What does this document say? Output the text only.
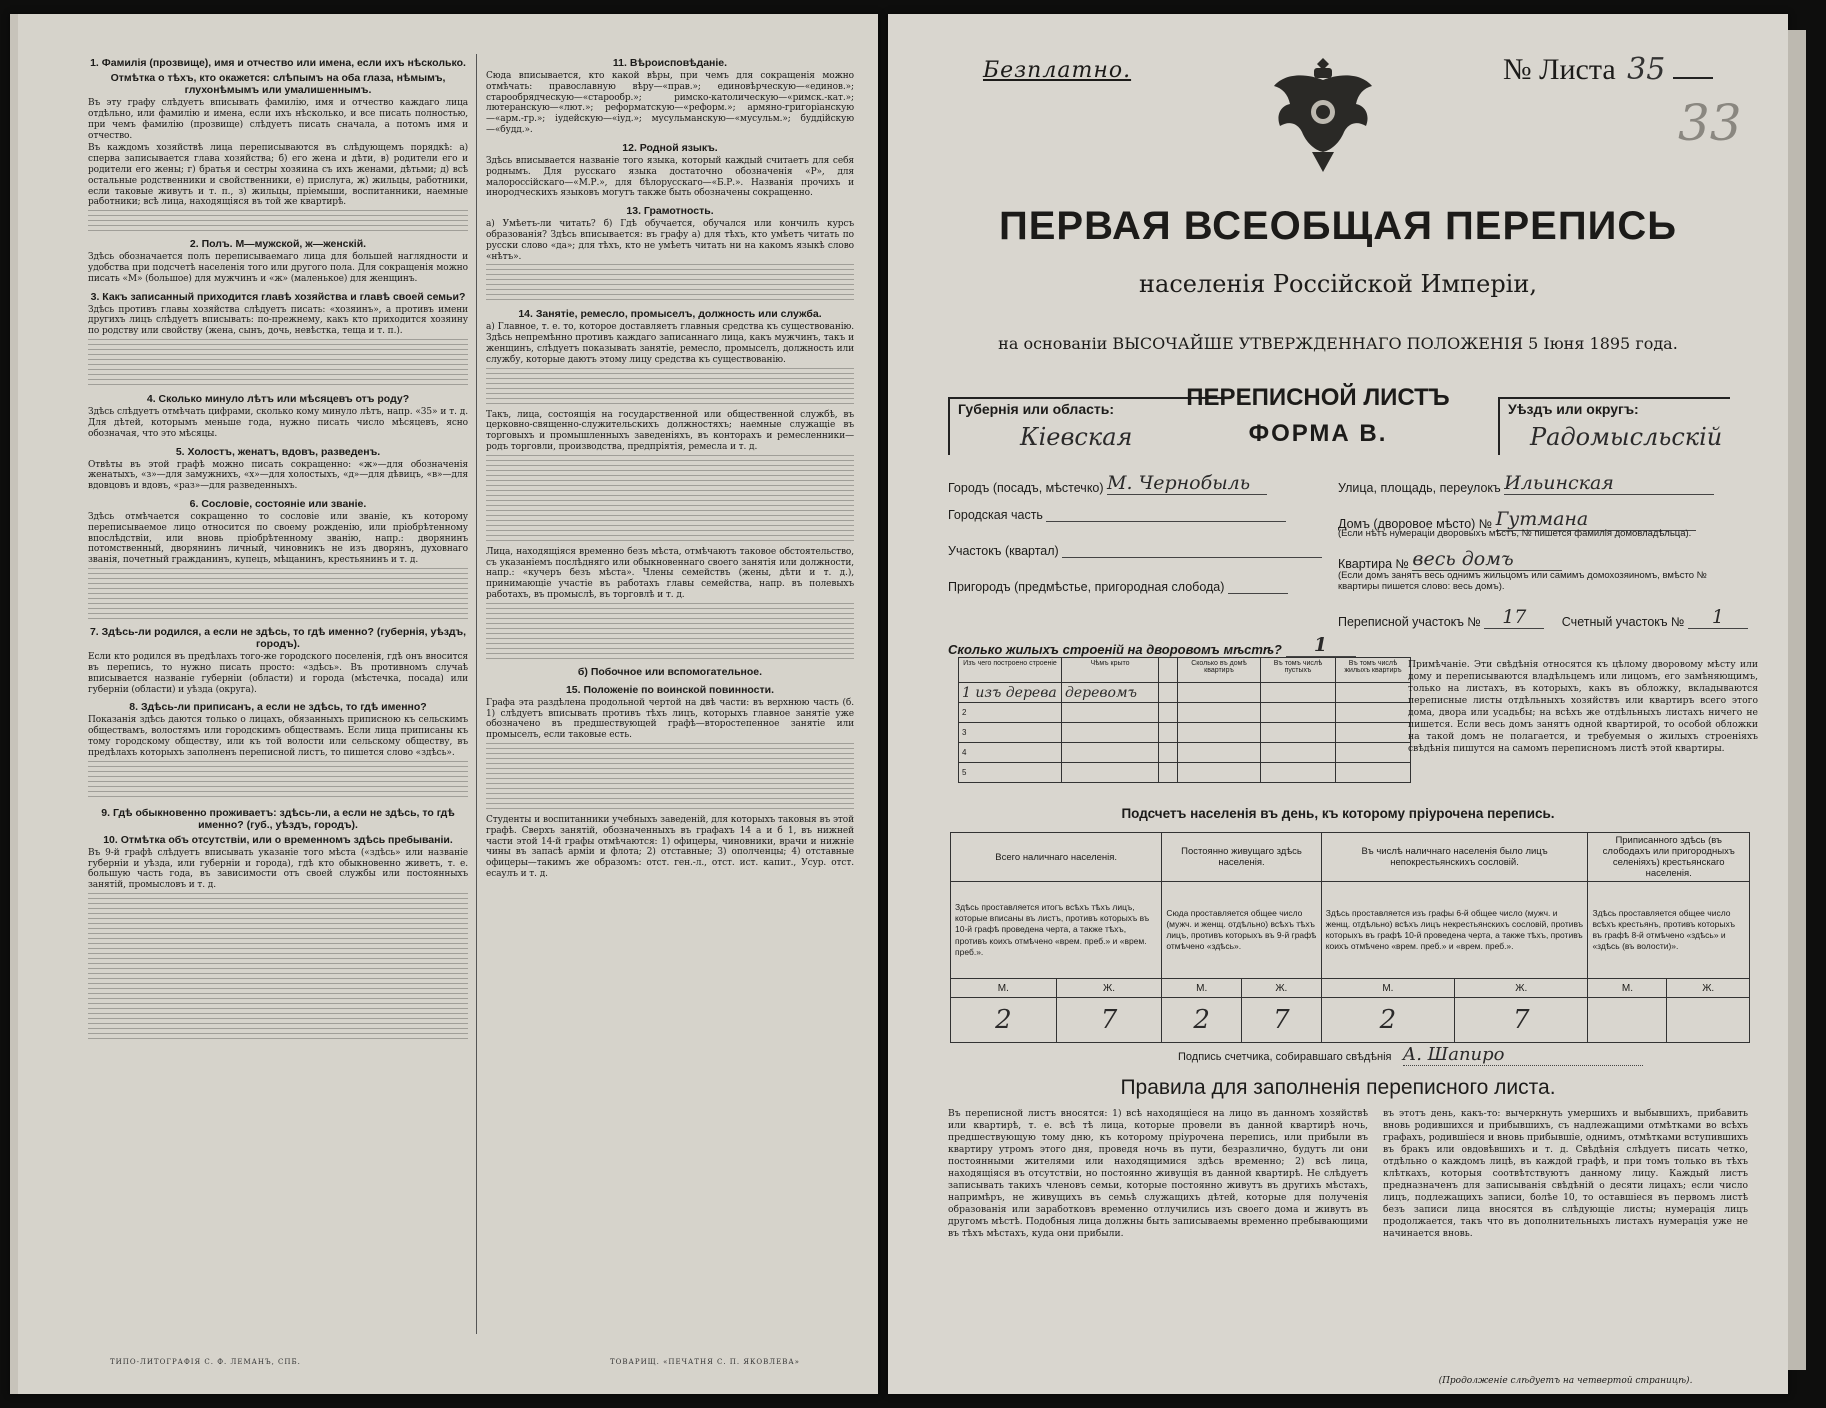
1. Фамилія (прозвище), имя и отчество или имена, если ихъ нѣсколько.
Отмѣтка о тѣхъ, кто окажется: слѣпымъ на оба глаза, нѣмымъ, глухонѣмымъ или умалишеннымъ.

Въ эту графу слѣдуетъ вписывать фамилію, имя и отчество каждаго лица отдѣльно, или фамилію и имена, если ихъ нѣсколько, и все писать полностью, при чемъ фамилію (прозвище) слѣдуетъ писать сначала, а потомъ имя и отчество.

Въ каждомъ хозяйствѣ лица переписываются въ слѣдующемъ порядкѣ: а) сперва записывается глава хозяйства; б) его жена и дѣти, в) родители его и родители его жены; г) братья и сестры хозяина съ ихъ женами, дѣтьми; д) всѣ остальные родственники и свойственники, е) прислуга, ж) жильцы, работники, если таковые живутъ и т. п., з) жильцы, пріемыши, воспитанники, наемные работники; всѣ лица, находящіяся въ той же квартирѣ.

2. Полъ. М—мужской, ж—женскій.

Здѣсь обозначается полъ переписываемаго лица для большей наглядности и удобства при подсчетѣ населенія того или другого пола. Для сокращенія можно писать «М» (большое) для мужчинъ и «ж» (маленькое) для женщинъ.

3. Какъ записанный приходится главѣ хозяйства и главѣ своей семьи?

Здѣсь противъ главы хозяйства слѣдуетъ писать: «хозяинъ», а противъ имени другихъ лицъ слѣдуетъ вписывать: по-прежнему, какъ кто приходится хозяину по родству или свойству (жена, сынъ, дочь, невѣстка, теща и т. п.).

4. Сколько минуло лѣтъ или мѣсяцевъ отъ роду?

Здѣсь слѣдуетъ отмѣчать цифрами, сколько кому минуло лѣтъ, напр. «35» и т. д. Для дѣтей, которымъ меньше года, нужно писать число мѣсяцевъ, ясно обозначая, что это мѣсяцы.

5. Холостъ, женатъ, вдовъ, разведенъ.

Отвѣты въ этой графѣ можно писать сокращенно: «ж»—для обозначенія женатыхъ, «з»—для замужнихъ, «х»—для холостыхъ, «д»—для дѣвицъ, «в»—для вдовцовъ и вдовъ, «раз»—для разведенныхъ.

6. Сословіе, состояніе или званіе.

Здѣсь отмѣчается сокращенно то сословіе или званіе, къ которому переписываемое лицо относится по своему рожденію, или пріобрѣтенному впослѣдствіи, или вновь пріобрѣтенному званію, напр.: дворянинъ потомственный, дворянинъ личный, чиновникъ не изъ дворянъ, духовнаго званія, почетный гражданинъ, купецъ, мѣщанинъ, крестьянинъ и т. д.

7. Здѣсь-ли родился, а если не здѣсь, то гдѣ именно? (губернія, уѣздъ, городъ).

Если кто родился въ предѣлахъ того-же городского поселенія, гдѣ онъ вносится въ перепись, то нужно писать просто: «здѣсь». Въ противномъ случаѣ вписывается названіе губерніи (области) и города (мѣстечка, посада) или губерніи (области) и уѣзда (округа).

8. Здѣсь-ли приписанъ, а если не здѣсь, то гдѣ именно?

Показанія здѣсь даются только о лицахъ, обязанныхъ приписною къ сельскимъ обществамъ, волостямъ или городскимъ обществамъ. Если лица приписаны къ тому городскому обществу, или къ той волости или сельскому обществу, въ предѣлахъ которыхъ заполненъ переписной листъ, то пишется слово «здѣсь».

9. Гдѣ обыкновенно проживаетъ: здѣсь-ли, а если не здѣсь, то гдѣ именно? (губ., уѣздъ, городъ).
10. Отмѣтка объ отсутствіи, или о временномъ здѣсь пребываніи.

Въ 9-й графѣ слѣдуетъ вписывать указаніе того мѣста («здѣсь» или названіе губерніи и уѣзда, или губерніи и города), гдѣ кто обыкновенно живетъ, т. е. большую часть года, въ зависимости отъ своей службы или постоянныхъ занятій, промысловъ и т. д.

11. Вѣроисповѣданіе.

Сюда вписывается, кто какой вѣры, при чемъ для сокращенія можно отмѣчать: православную вѣру—«прав.»; единовѣрческую—«единов.»; старообрядческую—«старообр.»; римско-католическую—«римск.-кат.»; лютеранскую—«лют.»; реформатскую—«реформ.»; армяно-григоріанскую—«арм.-гр.»; іудейскую—«іуд.»; мусульманскую—«мусульм.»; буддійскую—«будд.».

12. Родной языкъ.

Здѣсь вписывается названіе того языка, который каждый считаетъ для себя роднымъ. Для русскаго языка достаточно обозначенія «Р», для малороссійскаго—«М.Р.», для бѣлорусскаго—«Б.Р.». Названія прочихъ и инородческихъ языковъ могутъ также быть обозначены сокращенно.

13. Грамотность.

а) Умѣетъ-ли читать? б) Гдѣ обучается, обучался или кончилъ курсъ образованія? Здѣсь вписывается: въ графу а) для тѣхъ, кто умѣетъ читать по русски слово «да»; для тѣхъ, кто не умѣетъ читать ни на какомъ языкѣ слово «нѣтъ».

14. Занятіе, ремесло, промыселъ, должность или служба.

а) Главное, т. е. то, которое доставляетъ главныя средства къ существованію. Здѣсь непремѣнно противъ каждаго записаннаго лица, какъ мужчинъ, такъ и женщинъ, слѣдуетъ показывать занятіе, ремесло, промыселъ, должность или службу, которые даютъ этому лицу средства къ существованію.

Такъ, лица, состоящія на государственной или общественной службѣ, въ церковно-священно-служительскихъ должностяхъ; наемные служащіе въ торговыхъ и промышленныхъ заведеніяхъ, въ конторахъ и ремесленники—родъ торговли, производства, предпріятія, ремесла и т. д.

Лица, находящіяся временно безъ мѣста, отмѣчаютъ таковое обстоятельство, съ указаніемъ послѣдняго или обыкновеннаго своего занятія или должности, напр.: «кучеръ безъ мѣста». Члены семействъ (жены, дѣти и т. д.), принимающіе участіе въ работахъ главы семейства, напр. въ полевыхъ работахъ, въ промыслѣ, въ торговлѣ и т. д.

б) Побочное или вспомогательное.
15. Положеніе по воинской повинности.

Графа эта раздѣлена продольной чертой на двѣ части: въ верхнюю часть (б. 1) слѣдуетъ вписывать противъ тѣхъ лицъ, которыхъ главное занятіе уже обозначено въ предшествующей графѣ—второстепенное занятіе или промыселъ, если таковые есть.

Студенты и воспитанники учебныхъ заведеній, для которыхъ таковыя въ этой графѣ. Сверхъ занятій, обозначенныхъ въ графахъ 14 а и б 1, въ нижней части этой 14-й графы отмѣчаются: 1) офицеры, чиновники, врачи и нижніе чины въ запасѣ арміи и флота; 2) отставные; 3) ополченцы; 4) отставные офицеры—такимъ же образомъ: отст. ген.-л., отст. ист. капит., Усур. отст. есаулъ и т. д.

ТИПО-ЛИТОГРАФІЯ С. Ф. ЛЕМАНЪ, СПБ.	ТОВАРИЩ. «ПЕЧАТНЯ С. П. ЯКОВЛЕВА»
Безплатно.	№ Листа 35
33
ПЕРВАЯ ВСЕОБЩАЯ ПЕРЕПИСЬ
населенія Россійской Имперіи,
на основаніи ВЫСОЧАЙШЕ УТВЕРЖДЕННАГО ПОЛОЖЕНІЯ 5 Іюня 1895 года.
Губернія или область:
Кіевская
ПЕРЕПИСНОЙ ЛИСТЪ
ФОРМА В.
Уѣздъ или округъ:
Радомысльскій
Городъ (посадъ, мѣстечко) М. Чернобыль
Городская часть
Участокъ (квартал)
Пригородъ (предмѣстье, пригородная слобода)
Улица, площадь, переулокъ Ильинская
Домъ (дворовое мѣсто) № Гутмана
(Если нѣтъ нумераціи дворовыхъ мѣстъ, № пишется фамилія домовладѣльца).
Квартира № весь домъ
(Если домъ занятъ весь однимъ жильцомъ или самимъ домохозяиномъ, вмѣсто № квартиры пишется слово: весь домъ).
Переписной участокъ № 17	Счетный участокъ № 1
Сколько жилыхъ строеній на дворовомъ мѣстѣ? 1
Изъ чего построено строеніе	Чѣмъ крыто		Сколько въ домѣ квартиръ	Въ томъ числѣ пустыхъ	Въ томъ числѣ жилыхъ квартиръ
1 изъ дерева	деревомъ				
2					
3					
4					
5					
Примѣчаніе. Эти свѣдѣнія относятся къ цѣлому дворовому мѣсту или дому и переписываются владѣльцемъ или лицомъ, его замѣняющимъ, только на листахъ, въ которыхъ, какъ въ обложку, вкладываются переписные листы отдѣльныхъ хозяйствъ или квартиръ всего этого дома, двора или усадьбы; на всѣхъ же отдѣльныхъ листахъ ничего не пишется. Если весь домъ занятъ одной квартирой, то особой обложки на такой домъ не полагается, и требуемыя о жилыхъ строеніяхъ свѣдѣнія пишутся на самомъ переписномъ листѣ этой квартиры.
Подсчетъ населенія въ день, къ которому пріурочена перепись.
Всего наличнаго населенія.		Постоянно живущаго здѣсь населенія.		Въ числѣ наличнаго населенія было лицъ непокрестьянскихъ сословій.		Приписанного здѣсь (въ слободахъ или пригородныхъ селеніяхъ) крестьянскаго населенія.	
Здѣсь проставляется итогъ всѣхъ тѣхъ лицъ, которые вписаны въ листъ, противъ которыхъ въ 10-й графѣ проведена черта, а также тѣхъ, противъ коихъ отмѣчено «врем. преб.» и «врем. преб.».		Сюда проставляется общее число (мужч. и женщ. отдѣльно) всѣхъ тѣхъ лицъ, противъ которыхъ въ 9-й графѣ отмѣчено «здѣсь».		Здѣсь проставляется изъ графы 6-й общее число (мужч. и женщ. отдѣльно) всѣхъ лицъ некрестьянскихъ сословій, противъ которыхъ въ графѣ 10-й проведена черта, а также тѣхъ, противъ коихъ отмѣчено «врем. преб.» и «врем. преб.».		Здѣсь проставляется общее число всѣхъ крестьянъ, противъ которыхъ въ графѣ 8-й отмѣчено «здѣсь» и «здѣсь (въ волости)».	
М.	Ж.	М.	Ж.	М.	Ж.	М.	Ж.
2	7	2	7	2	7		
Подпись счетчика, собиравшаго свѣдѣнія А. Шапиро
Правила для заполненія переписного листа.
Въ переписной листъ вносятся: 1) всѣ находящіеся на лицо въ данномъ хозяйствѣ или квартирѣ, т. е. всѣ тѣ лица, которые провели въ данной квартирѣ ночь, предшествующую тому дню, къ которому пріурочена перепись, или прибыли въ квартиру утромъ этого дня, проведя ночь въ пути, безразлично, будутъ ли они постоянными жителями или находящимися здѣсь временно; 2) всѣ лица, находящіяся въ отсутствіи, но постоянно живущія въ данной квартирѣ. Не слѣдуетъ записывать такихъ членовъ семьи, которые постоянно живутъ въ другихъ мѣстахъ, напримѣръ, не живущихъ въ семьѣ служащихъ дѣтей, которые для полученія образованія или заработковъ временно отлучились изъ своего дома и живутъ въ другомъ мѣстѣ. Подобныя лица должны быть записываемы временно пребывающими въ тѣхъ мѣстахъ, куда они прибыли.
въ этотъ день, какъ-то: вычеркнуть умершихъ и выбывшихъ, прибавить вновь родившихся и прибывшихъ, съ надлежащими отмѣтками во всѣхъ графахъ, родившіеся и вновь прибывшіе, однимъ, отмѣтками вступившихъ въ бракъ или овдовѣвшихъ и т. д. Свѣдѣнія слѣдуетъ писать четко, отдѣльно о каждомъ лицѣ, въ каждой графѣ, и при томъ только въ тѣхъ клѣткахъ, которыя соотвѣтствуютъ данному лицу. Каждый листъ предназначенъ для записыванія свѣдѣній о десяти лицахъ; если число лицъ, подлежащихъ записи, болѣе 10, то оставшіеся въ первомъ листѣ безъ записи лица вносятся въ слѣдующіе листы; нумерація лицъ продолжается, такъ что въ дополнительныхъ листахъ нумерація уже не начинается вновь.
(Продолженіе слѣдуетъ на четвертой страницѣ).
